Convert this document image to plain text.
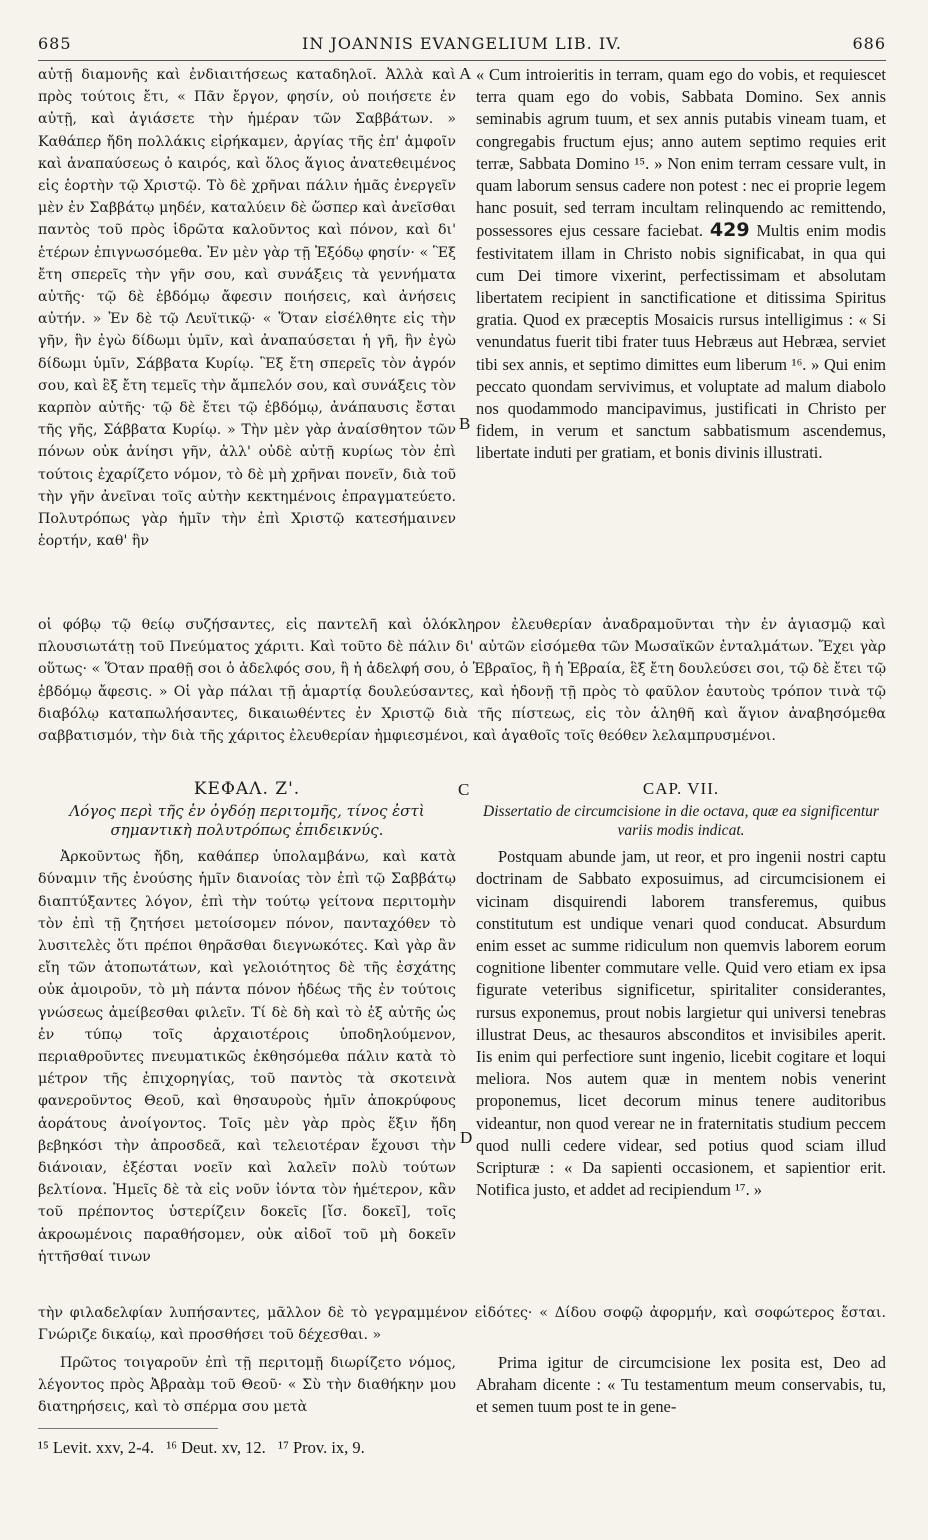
685	IN JOANNIS EVANGELIUM LIB. IV.	686

αὐτῇ διαμονῆς καὶ ἐνδιαιτήσεως καταδηλοῖ. Ἀλλὰ καὶ πρὸς τούτοις ἔτι, « Πᾶν ἔργον, φησίν, οὐ ποιήσετε ἐν αὐτῇ, καὶ ἁγιάσετε τὴν ἡμέραν τῶν Σαββάτων. » Καθάπερ ἤδη πολλάκις εἰρήκαμεν, ἀργίας τῆς ἐπ' ἀμφοῖν καὶ ἀναπαύσεως ὁ καιρός, καὶ ὅλος ἅγιος ἀνατεθειμένος εἰς ἑορτὴν τῷ Χριστῷ. Τὸ δὲ χρῆναι πάλιν ἡμᾶς ἐνεργεῖν μὲν ἐν Σαββάτῳ μηδέν, καταλύειν δὲ ὥσπερ καὶ ἀνεῖσθαι παντὸς τοῦ πρὸς ἱδρῶτα καλοῦντος καὶ πόνον, καὶ δι' ἑτέρων ἐπιγνωσόμεθα. Ἐν μὲν γὰρ τῇ Ἐξόδῳ φησίν· « Ἓξ ἔτη σπερεῖς τὴν γῆν σου, καὶ συνάξεις τὰ γεννήματα αὐτῆς· τῷ δὲ ἑβδόμῳ ἄφεσιν ποιήσεις, καὶ ἀνήσεις αὐτήν. » Ἐν δὲ τῷ Λευϊτικῷ· « Ὅταν εἰσέλθητε εἰς τὴν γῆν, ἣν ἐγὼ δίδωμι ὑμῖν, καὶ ἀναπαύσεται ἡ γῆ, ἣν ἐγὼ δίδωμι ὑμῖν, Σάββατα Κυρίῳ. Ἓξ ἔτη σπερεῖς τὸν ἀγρόν σου, καὶ ἓξ ἔτη τεμεῖς τὴν ἄμπελόν σου, καὶ συνάξεις τὸν καρπὸν αὐτῆς· τῷ δὲ ἔτει τῷ ἑβδόμῳ, ἀνάπαυσις ἔσται τῆς γῆς, Σάββατα Κυρίῳ. » Τὴν μὲν γὰρ ἀναίσθητον τῶν πόνων οὐκ ἀνίησι γῆν, ἀλλ' οὐδὲ αὐτῇ κυρίως τὸν ἐπὶ τούτοις ἐχαρίζετο νόμον, τὸ δὲ μὴ χρῆναι πονεῖν, διὰ τοῦ τὴν γῆν ἀνεῖναι τοῖς αὐτὴν κεκτημένοις ἐπραγματεύετο. Πολυτρόπως γὰρ ἡμῖν τὴν ἐπὶ Χριστῷ κατεσήμαινεν ἑορτήν, καθ' ἣν

A
B

« Cum introieritis in terram, quam ego do vobis, et requiescet terra quam ego do vobis, Sabbata Domino. Sex annis seminabis agrum tuum, et sex annis putabis vineam tuam, et congregabis fructum ejus; anno autem septimo requies erit terræ, Sabbata Domino ¹⁵. » Non enim terram cessare vult, in quam laborum sensus cadere non potest : nec ei proprie legem hanc posuit, sed terram incultam relinquendo ac remittendo, possessores ejus cessare faciebat. 429 Multis enim modis festivitatem illam in Christo nobis significabat, in qua qui cum Dei timore vixerint, perfectissimam et absolutam libertatem recipient in sanctificatione et ditissima Spiritus gratia. Quod ex præceptis Mosaicis rursus intelligimus : « Si venundatus fuerit tibi frater tuus Hebræus aut Hebræa, serviet tibi sex annis, et septimo dimittes eum liberum ¹⁶. » Qui enim peccato quondam servivimus, et voluptate ad malum diabolo nos quodammodo mancipavimus, justificati in Christo per fidem, in verum et sanctum sabbatismum ascendemus, libertate induti per gratiam, et bonis divinis illustrati.

οἱ φόβῳ τῷ θείῳ συζήσαντες, εἰς παντελῆ καὶ ὁλόκληρον ἐλευθερίαν ἀναδραμοῦνται τὴν ἐν ἁγιασμῷ καὶ πλουσιωτάτῃ τοῦ Πνεύματος χάριτι. Καὶ τοῦτο δὲ πάλιν δι' αὐτῶν εἰσόμεθα τῶν Μωσαϊκῶν ἐνταλμάτων. Ἔχει γὰρ οὕτως· « Ὅταν πραθῇ σοι ὁ ἀδελφός σου, ἢ ἡ ἀδελφή σου, ὁ Ἑβραῖος, ἢ ἡ Ἑβραία, ἓξ ἔτη δουλεύσει σοι, τῷ δὲ ἔτει τῷ ἑβδόμῳ ἄφεσις. » Οἱ γὰρ πάλαι τῇ ἁμαρτίᾳ δουλεύσαντες, καὶ ἡδονῇ τῇ πρὸς τὸ φαῦλον ἑαυτοὺς τρόπον τινὰ τῷ διαβόλῳ καταπωλήσαντες, δικαιωθέντες ἐν Χριστῷ διὰ τῆς πίστεως, εἰς τὸν ἀληθῆ καὶ ἅγιον ἀναβησόμεθα σαββατισμόν, τὴν διὰ τῆς χάριτος ἐλευθερίαν ἠμφιεσμένοι, καὶ ἀγαθοῖς τοῖς θεόθεν λελαμπρυσμένοι.

ΚΕΦΑΛ. Ζ'.
Λόγος περὶ τῆς ἐν ὀγδόῃ περιτομῆς, τίνος ἐστὶ σημαντικὴ πολυτρόπως ἐπιδεικνύς.

Ἀρκοῦντως ἤδη, καθάπερ ὑπολαμβάνω, καὶ κατὰ δύναμιν τῆς ἐνούσης ἡμῖν διανοίας τὸν ἐπὶ τῷ Σαββάτῳ διαπτύξαντες λόγον, ἐπὶ τὴν τούτῳ γείτονα περιτομὴν τὸν ἐπὶ τῇ ζητήσει μετοίσομεν πόνον, πανταχόθεν τὸ λυσιτελὲς ὅτι πρέποι θηρᾶσθαι διεγνωκότες. Καὶ γὰρ ἂν εἴη τῶν ἀτοπωτάτων, καὶ γελοιότητος δὲ τῆς ἐσχάτης οὐκ ἀμοιροῦν, τὸ μὴ πάντα πόνον ἡδέως τῆς ἐν τούτοις γνώσεως ἀμείβεσθαι φιλεῖν. Τί δὲ δὴ καὶ τὸ ἐξ αὐτῆς ὡς ἐν τύπῳ τοῖς ἀρχαιοτέροις ὑποδηλούμενον, περιαθροῦντες πνευματικῶς ἐκθησόμεθα πάλιν κατὰ τὸ μέτρον τῆς ἐπιχορηγίας, τοῦ παντὸς τὰ σκοτεινὰ φανεροῦντος Θεοῦ, καὶ θησαυροὺς ἡμῖν ἀποκρύφους ἀοράτους ἀνοίγοντος. Τοῖς μὲν γὰρ πρὸς ἕξιν ἤδη βεβηκόσι τὴν ἀπροσδεᾶ, καὶ τελειοτέραν ἔχουσι τὴν διάνοιαν, ἐξέσται νοεῖν καὶ λαλεῖν πολὺ τούτων βελτίονα. Ἡμεῖς δὲ τὰ εἰς νοῦν ἰόντα τὸν ἡμέτερον, κἂν τοῦ πρέποντος ὑστερίζειν δοκεῖς [ἴσ. δοκεῖ], τοῖς ἀκροωμένοις παραθήσομεν, οὐκ αἰδοῖ τοῦ μὴ δοκεῖν ἡττῆσθαί τινων

C
D
CAP. VII.
Dissertatio de circumcisione in die octava, quæ ea significentur variis modis indicat.

Postquam abunde jam, ut reor, et pro ingenii nostri captu doctrinam de Sabbato exposuimus, ad circumcisionem ei vicinam disquirendi laborem transferemus, quibus constitutum est undique venari quod conducat. Absurdum enim esset ac summe ridiculum non quemvis laborem eorum cognitione libenter commutare velle. Quid vero etiam ex ipsa figurate veteribus significetur, spiritaliter considerantes, rursus exponemus, prout nobis largietur qui universi tenebras illustrat Deus, ac thesauros absconditos et invisibiles aperit. Iis enim qui perfectiore sunt ingenio, licebit cogitare et loqui meliora. Nos autem quæ in mentem nobis venerint proponemus, licet decorum minus tenere auditoribus videantur, non quod verear ne in fraternitatis studium peccem quod nulli cedere videar, sed potius quod sciam illud Scripturæ : « Da sapienti occasionem, et sapientior erit. Notifica justo, et addet ad recipiendum ¹⁷. »

τὴν φιλαδελφίαν λυπήσαντες, μᾶλλον δὲ τὸ γεγραμμένον εἰδότες· « Δίδου σοφῷ ἀφορμήν, καὶ σοφώτερος ἔσται. Γνώριζε δικαίῳ, καὶ προσθήσει τοῦ δέχεσθαι. »

Πρῶτος τοιγαροῦν ἐπὶ τῇ περιτομῇ διωρίζετο νόμος, λέγοντος πρὸς Ἀβραὰμ τοῦ Θεοῦ· « Σὺ τὴν διαθήκην μου διατηρήσεις, καὶ τὸ σπέρμα σου μετὰ

Prima igitur de circumcisione lex posita est, Deo ad Abraham dicente : « Tu testamentum meum conservabis, tu, et semen tuum post te in gene-

¹⁵ Levit. xxv, 2-4.   ¹⁶ Deut. xv, 12.   ¹⁷ Prov. ix, 9.
